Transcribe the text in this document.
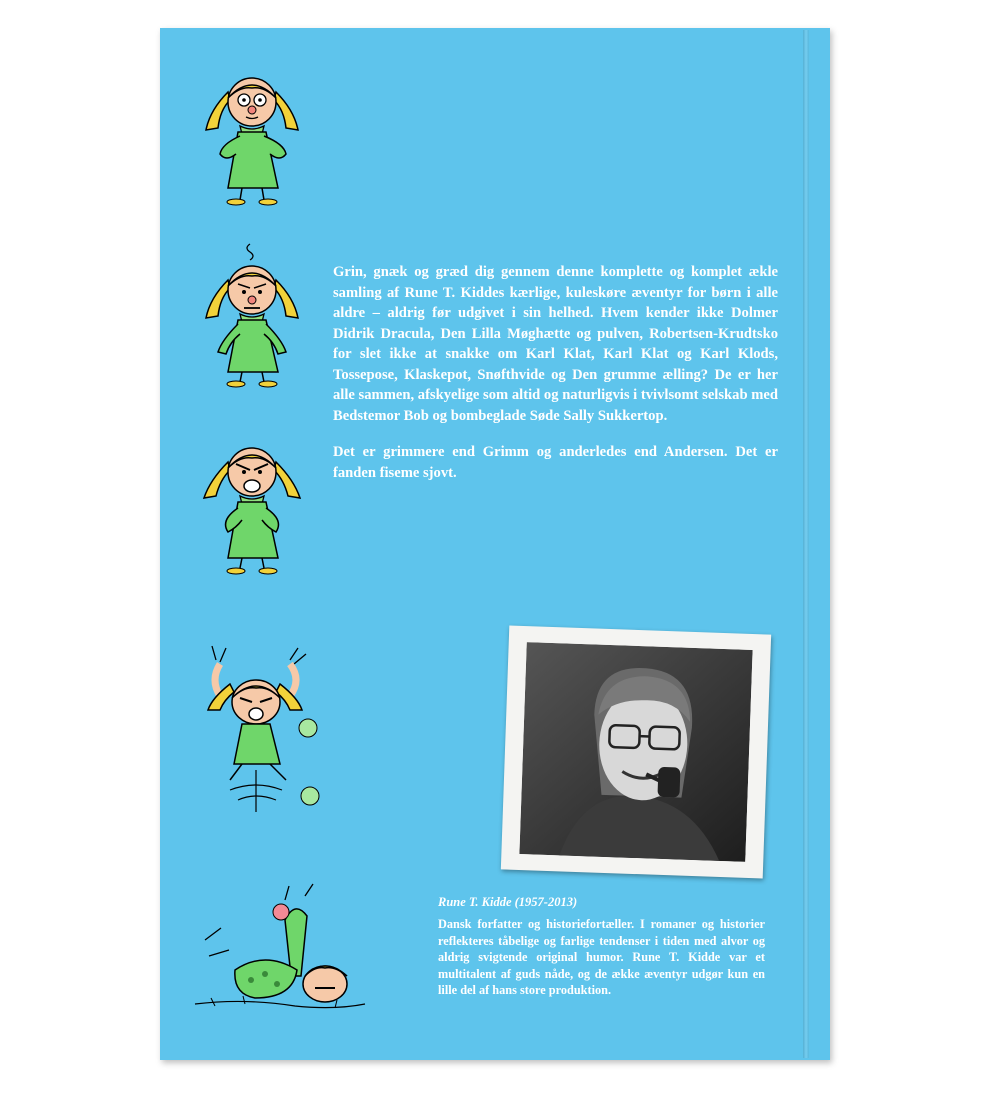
Grin, gnæk og græd dig gennem denne komplette og komplet ækle samling af Rune T. Kiddes kærlige, kuleskøre æventyr for børn i alle aldre – aldrig før udgivet i sin helhed. Hvem kender ikke Dolmer Didrik Dracula, Den Lilla Møghætte og pulven, Robertsen-Krudtsko for slet ikke at snakke om Karl Klat, Karl Klat og Karl Klods, Tossepose, Klaskepot, Snøfthvide og Den grumme ælling? De er her alle sammen, afskyelige som altid og naturligvis i tvivlsomt selskab med Bedstemor Bob og bombeglade Søde Sally Sukkertop.

Det er grimmere end Grimm og anderledes end Andersen. Det er fanden fiseme sjovt.

Rune T. Kidde (1957-2013)
Dansk forfatter og historiefortæller. I romaner og historier reflekteres tåbelige og farlige tendenser i tiden med alvor og aldrig svigtende original humor. Rune T. Kidde var et multitalent af guds nåde, og de ække æventyr udgør kun en lille del af hans store produktion.
